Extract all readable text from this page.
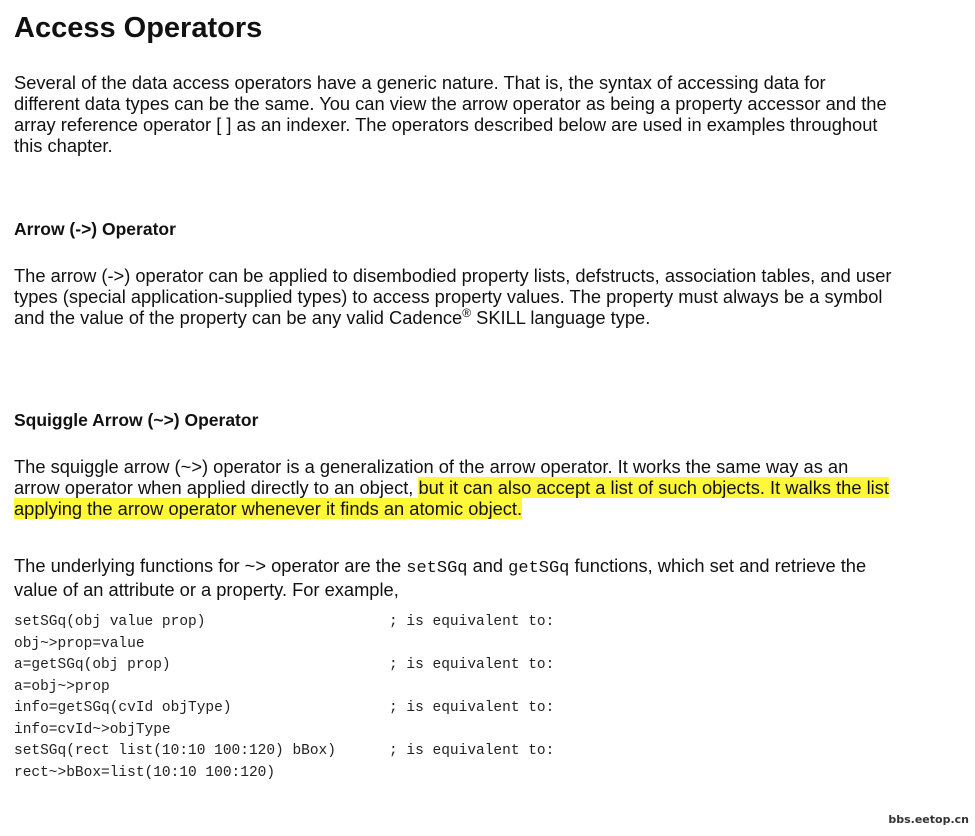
Access Operators

Several of the data access operators have a generic nature. That is, the syntax of accessing data for different data types can be the same. You can view the arrow operator as being a property accessor and the array reference operator [ ] as an indexer. The operators described below are used in examples throughout this chapter.

Arrow (->) Operator

The arrow (->) operator can be applied to disembodied property lists, defstructs, association tables, and user types (special application-supplied types) to access property values. The property must always be a symbol and the value of the property can be any valid Cadence® SKILL language type.

Squiggle Arrow (~>) Operator

The squiggle arrow (~>) operator is a generalization of the arrow operator. It works the same way as an arrow operator when applied directly to an object, but it can also accept a list of such objects. It walks the list applying the arrow operator whenever it finds an atomic object.

The underlying functions for ~> operator are the setSGq and getSGq functions, which set and retrieve the value of an attribute or a property. For example,

setSGq(obj value prop)	; is equivalent to:
obj~>prop=value
a=getSGq(obj prop)	; is equivalent to:
a=obj~>prop
info=getSGq(cvId objType)	; is equivalent to:
info=cvId~>objType
setSGq(rect list(10:10 100:120) bBox)	; is equivalent to:
rect~>bBox=list(10:10 100:120)
bbs.eetop.cn
